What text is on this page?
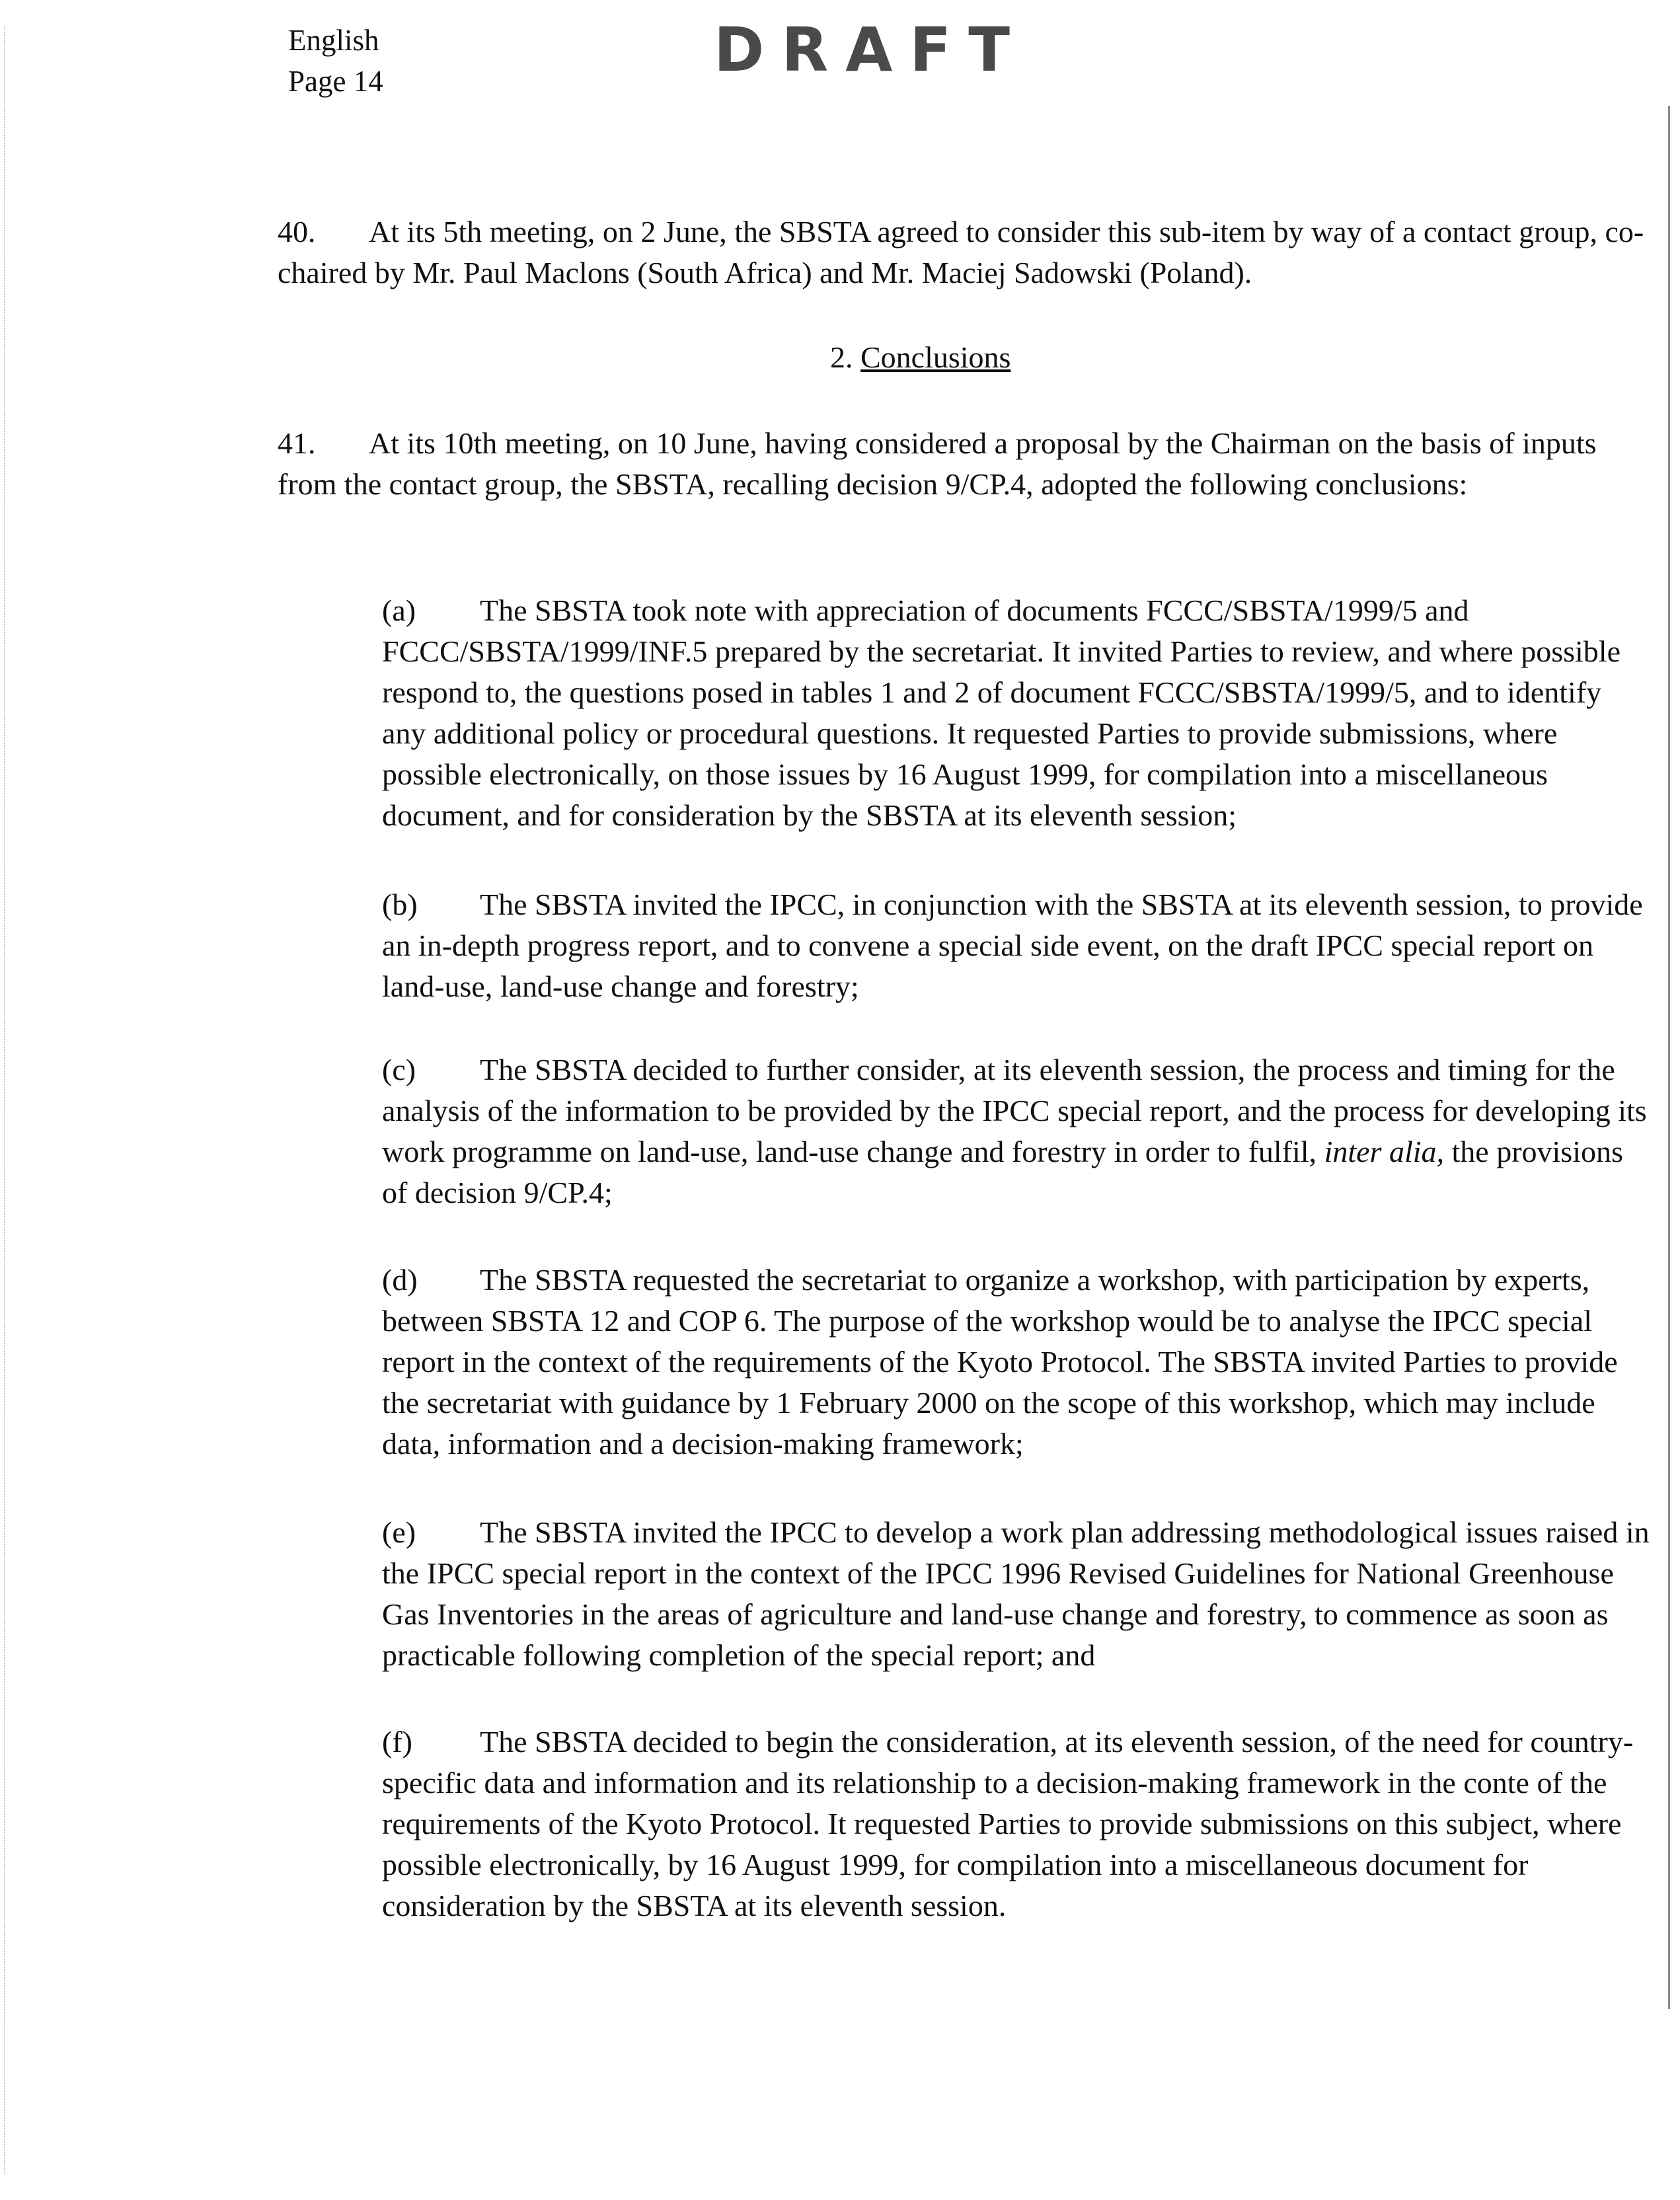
English
Page 14	DRAFT
40. At its 5th meeting, on 2 June, the SBSTA agreed to consider this sub-item by way of a contact group, co-chaired by Mr. Paul Maclons (South Africa) and Mr. Maciej Sadowski (Poland).
2. Conclusions
41. At its 10th meeting, on 10 June, having considered a proposal by the Chairman on the basis of inputs from the contact group, the SBSTA, recalling decision 9/CP.4, adopted the following conclusions:
(a) The SBSTA took note with appreciation of documents FCCC/SBSTA/1999/5 and FCCC/SBSTA/1999/INF.5 prepared by the secretariat. It invited Parties to review, and where possible respond to, the questions posed in tables 1 and 2 of document FCCC/SBSTA/1999/5, and to identify any additional policy or procedural questions. It requested Parties to provide submissions, where possible electronically, on those issues by 16 August 1999, for compilation into a miscellaneous document, and for consideration by the SBSTA at its eleventh session;
(b) The SBSTA invited the IPCC, in conjunction with the SBSTA at its eleventh session, to provide an in-depth progress report, and to convene a special side event, on the draft IPCC special report on land-use, land-use change and forestry;
(c) The SBSTA decided to further consider, at its eleventh session, the process and timing for the analysis of the information to be provided by the IPCC special report, and the process for developing its work programme on land-use, land-use change and forestry in order to fulfil, inter alia, the provisions of decision 9/CP.4;
(d) The SBSTA requested the secretariat to organize a workshop, with participation by experts, between SBSTA 12 and COP 6. The purpose of the workshop would be to analyse the IPCC special report in the context of the requirements of the Kyoto Protocol. The SBSTA invited Parties to provide the secretariat with guidance by 1 February 2000 on the scope of this workshop, which may include data, information and a decision-making framework;
(e) The SBSTA invited the IPCC to develop a work plan addressing methodological issues raised in the IPCC special report in the context of the IPCC 1996 Revised Guidelines for National Greenhouse Gas Inventories in the areas of agriculture and land-use change and forestry, to commence as soon as practicable following completion of the special report; and
(f) The SBSTA decided to begin the consideration, at its eleventh session, of the need for country-specific data and information and its relationship to a decision-making framework in the conte of the requirements of the Kyoto Protocol. It requested Parties to provide submissions on this subject, where possible electronically, by 16 August 1999, for compilation into a miscellaneous document for consideration by the SBSTA at its eleventh session.
